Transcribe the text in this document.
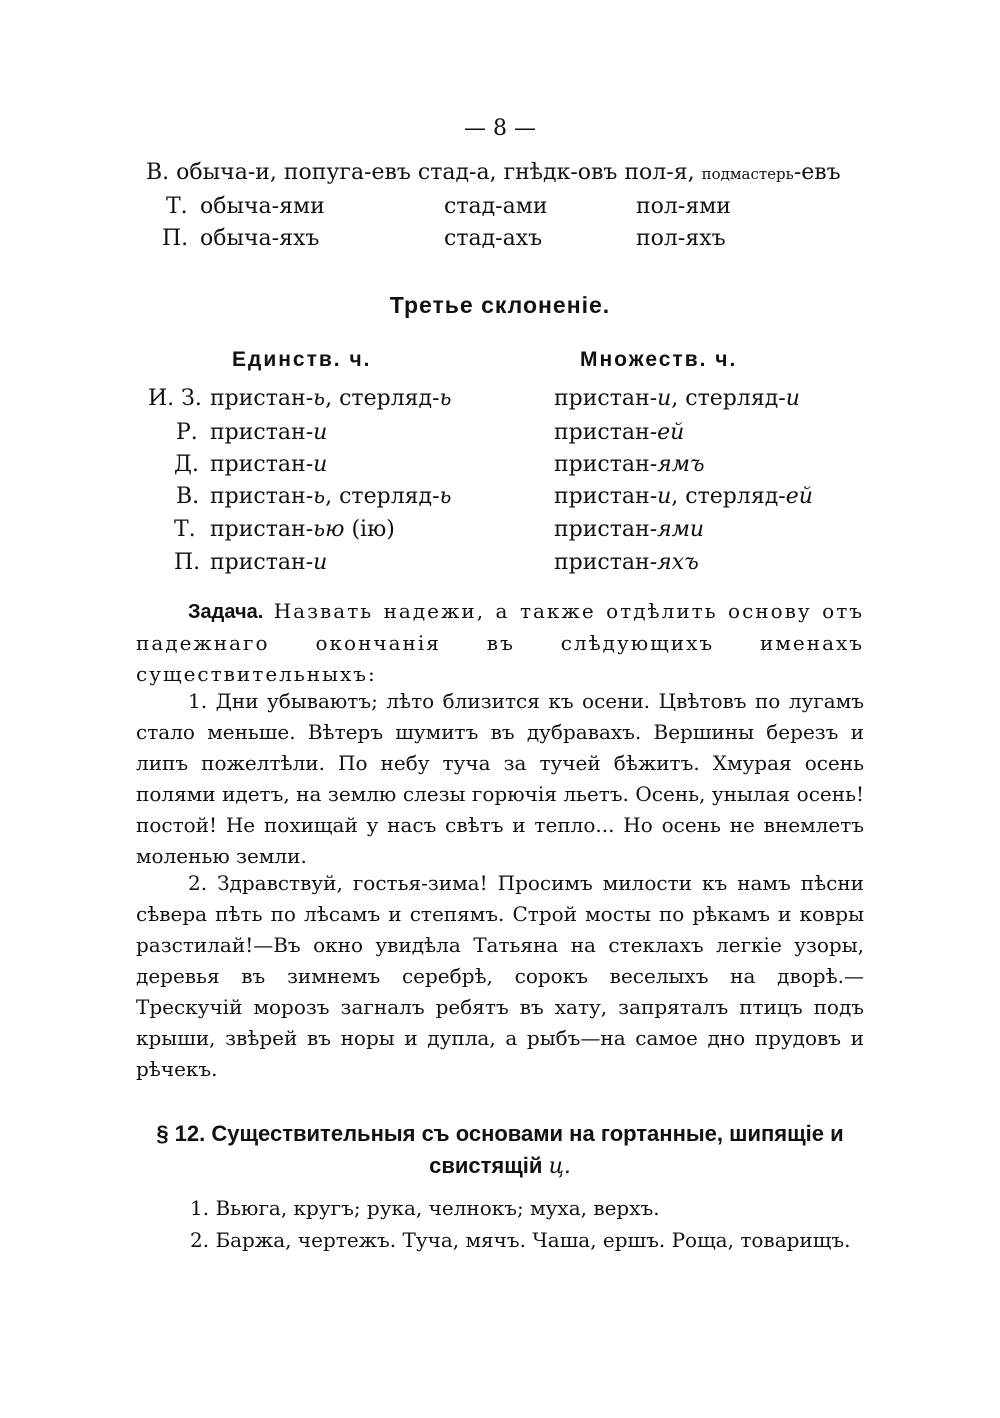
— 8 —
В. обыча-и, попуга-евъ стад-а, гнѣдк-овъ пол-я, подмастерь-евъ
Т. обыча-ями	стад-ами	пол-ями
П. обыча-яхъ	стад-ахъ	пол-яхъ
Третье склоненіе.
Единств. ч.	Множеств. ч.
И. З. пристан-ь, стерляд-ь	пристан-и, стерляд-и
Р. пристан-и	пристан-ей
Д. пристан-и	пристан-ямъ
В. пристан-ь, стерляд-ь	пристан-и, стерляд-ей
Т. пристан-ью (ію)	пристан-ями
П. пристан-и	пристан-яхъ

Задача. Назвать надежи, а также отдѣлить основу отъ падежнаго окончанія въ слѣдующихъ именахъ существительныхъ:

1. Дни убываютъ; лѣто близится къ осени. Цвѣтовъ по лугамъ стало меньше. Вѣтеръ шумитъ въ дубравахъ. Вершины березъ и липъ пожелтѣли. По небу туча за тучей бѣжитъ. Хмурая осень полями идетъ, на землю слезы горючія льетъ. Осень, унылая осень! постой! Не похищай у насъ свѣтъ и тепло... Но осень не внемлетъ моленью земли.

2. Здравствуй, гостья-зима! Просимъ милости къ намъ пѣсни сѣвера пѣть по лѣсамъ и степямъ. Строй мосты по рѣкамъ и ковры разстилай!—Въ окно увидѣла Татьяна на стеклахъ легкіе узоры, деревья въ зимнемъ серебрѣ, сорокъ веселыхъ на дворѣ.— Трескучій морозъ загналъ ребятъ въ хату, запряталъ птицъ подъ крыши, звѣрей въ норы и дупла, а рыбъ—на самое дно прудовъ и рѣчекъ.

§ 12. Существительныя съ основами на гортанные, шипящіе и
свистящій ц.
1. Вьюга, кругъ; рука, челнокъ; муха, верхъ.
2. Баржа, чертежъ. Туча, мячъ. Чаша, ершъ. Роща, товарищъ.
